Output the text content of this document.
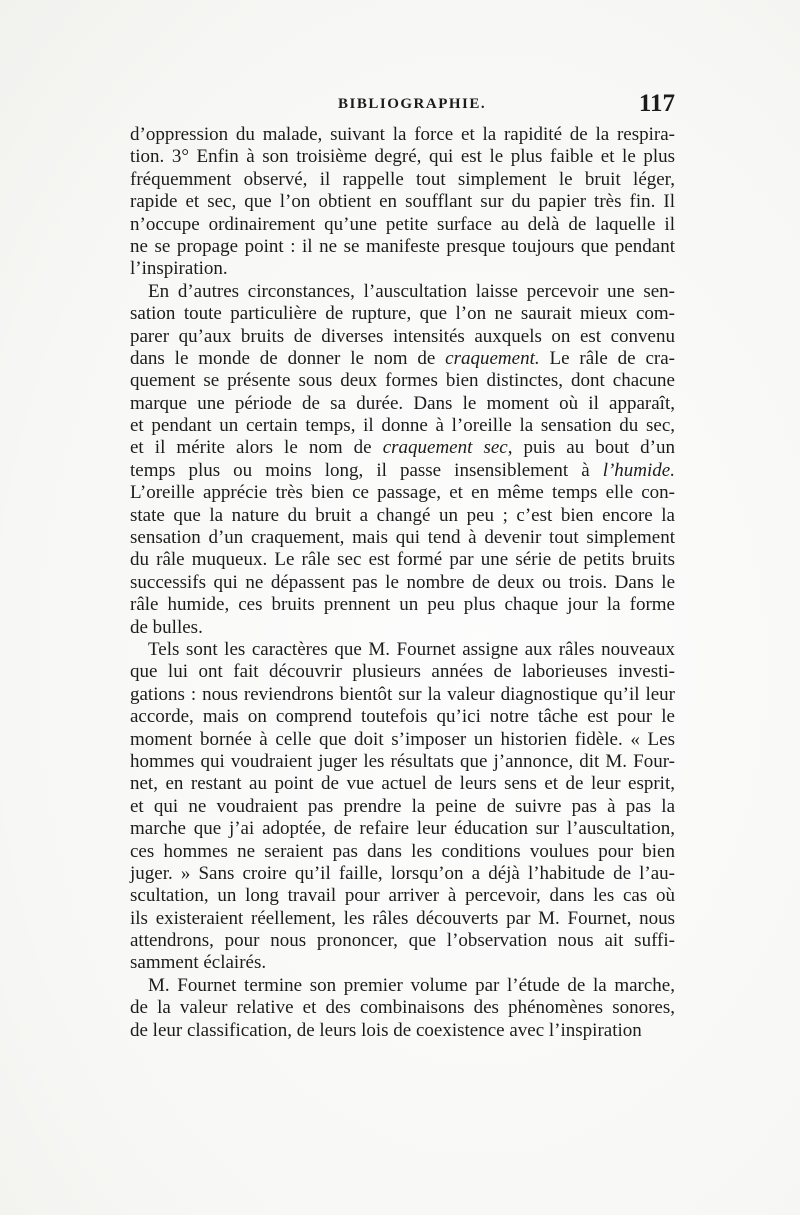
BIBLIOGRAPHIE.	117
d’oppression du malade, suivant la force et la rapidité de la respira-
tion. 3° Enfin à son troisième degré, qui est le plus faible et le plus
fréquemment observé, il rappelle tout simplement le bruit léger,
rapide et sec, que l’on obtient en soufflant sur du papier très fin. Il
n’occupe ordinairement qu’une petite surface au delà de laquelle il
ne se propage point : il ne se manifeste presque toujours que pendant
l’inspiration.
En d’autres circonstances, l’auscultation laisse percevoir une sen-
sation toute particulière de rupture, que l’on ne saurait mieux com-
parer qu’aux bruits de diverses intensités auxquels on est convenu
dans le monde de donner le nom de craquement. Le râle de cra-
quement se présente sous deux formes bien distinctes, dont chacune
marque une période de sa durée. Dans le moment où il apparaît,
et pendant un certain temps, il donne à l’oreille la sensation du sec,
et il mérite alors le nom de craquement sec, puis au bout d’un
temps plus ou moins long, il passe insensiblement à l’humide.
L’oreille apprécie très bien ce passage, et en même temps elle con-
state que la nature du bruit a changé un peu ; c’est bien encore la
sensation d’un craquement, mais qui tend à devenir tout simplement
du râle muqueux. Le râle sec est formé par une série de petits bruits
successifs qui ne dépassent pas le nombre de deux ou trois. Dans le
râle humide, ces bruits prennent un peu plus chaque jour la forme
de bulles.
Tels sont les caractères que M. Fournet assigne aux râles nouveaux
que lui ont fait découvrir plusieurs années de laborieuses investi-
gations : nous reviendrons bientôt sur la valeur diagnostique qu’il leur
accorde, mais on comprend toutefois qu’ici notre tâche est pour le
moment bornée à celle que doit s’imposer un historien fidèle. « Les
hommes qui voudraient juger les résultats que j’annonce, dit M. Four-
net, en restant au point de vue actuel de leurs sens et de leur esprit,
et qui ne voudraient pas prendre la peine de suivre pas à pas la
marche que j’ai adoptée, de refaire leur éducation sur l’auscultation,
ces hommes ne seraient pas dans les conditions voulues pour bien
juger. » Sans croire qu’il faille, lorsqu’on a déjà l’habitude de l’au-
scultation, un long travail pour arriver à percevoir, dans les cas où
ils existeraient réellement, les râles découverts par M. Fournet, nous
attendrons, pour nous prononcer, que l’observation nous ait suffi-
samment éclairés.
M. Fournet termine son premier volume par l’étude de la marche,
de la valeur relative et des combinaisons des phénomènes sonores,
de leur classification, de leurs lois de coexistence avec l’inspiration
